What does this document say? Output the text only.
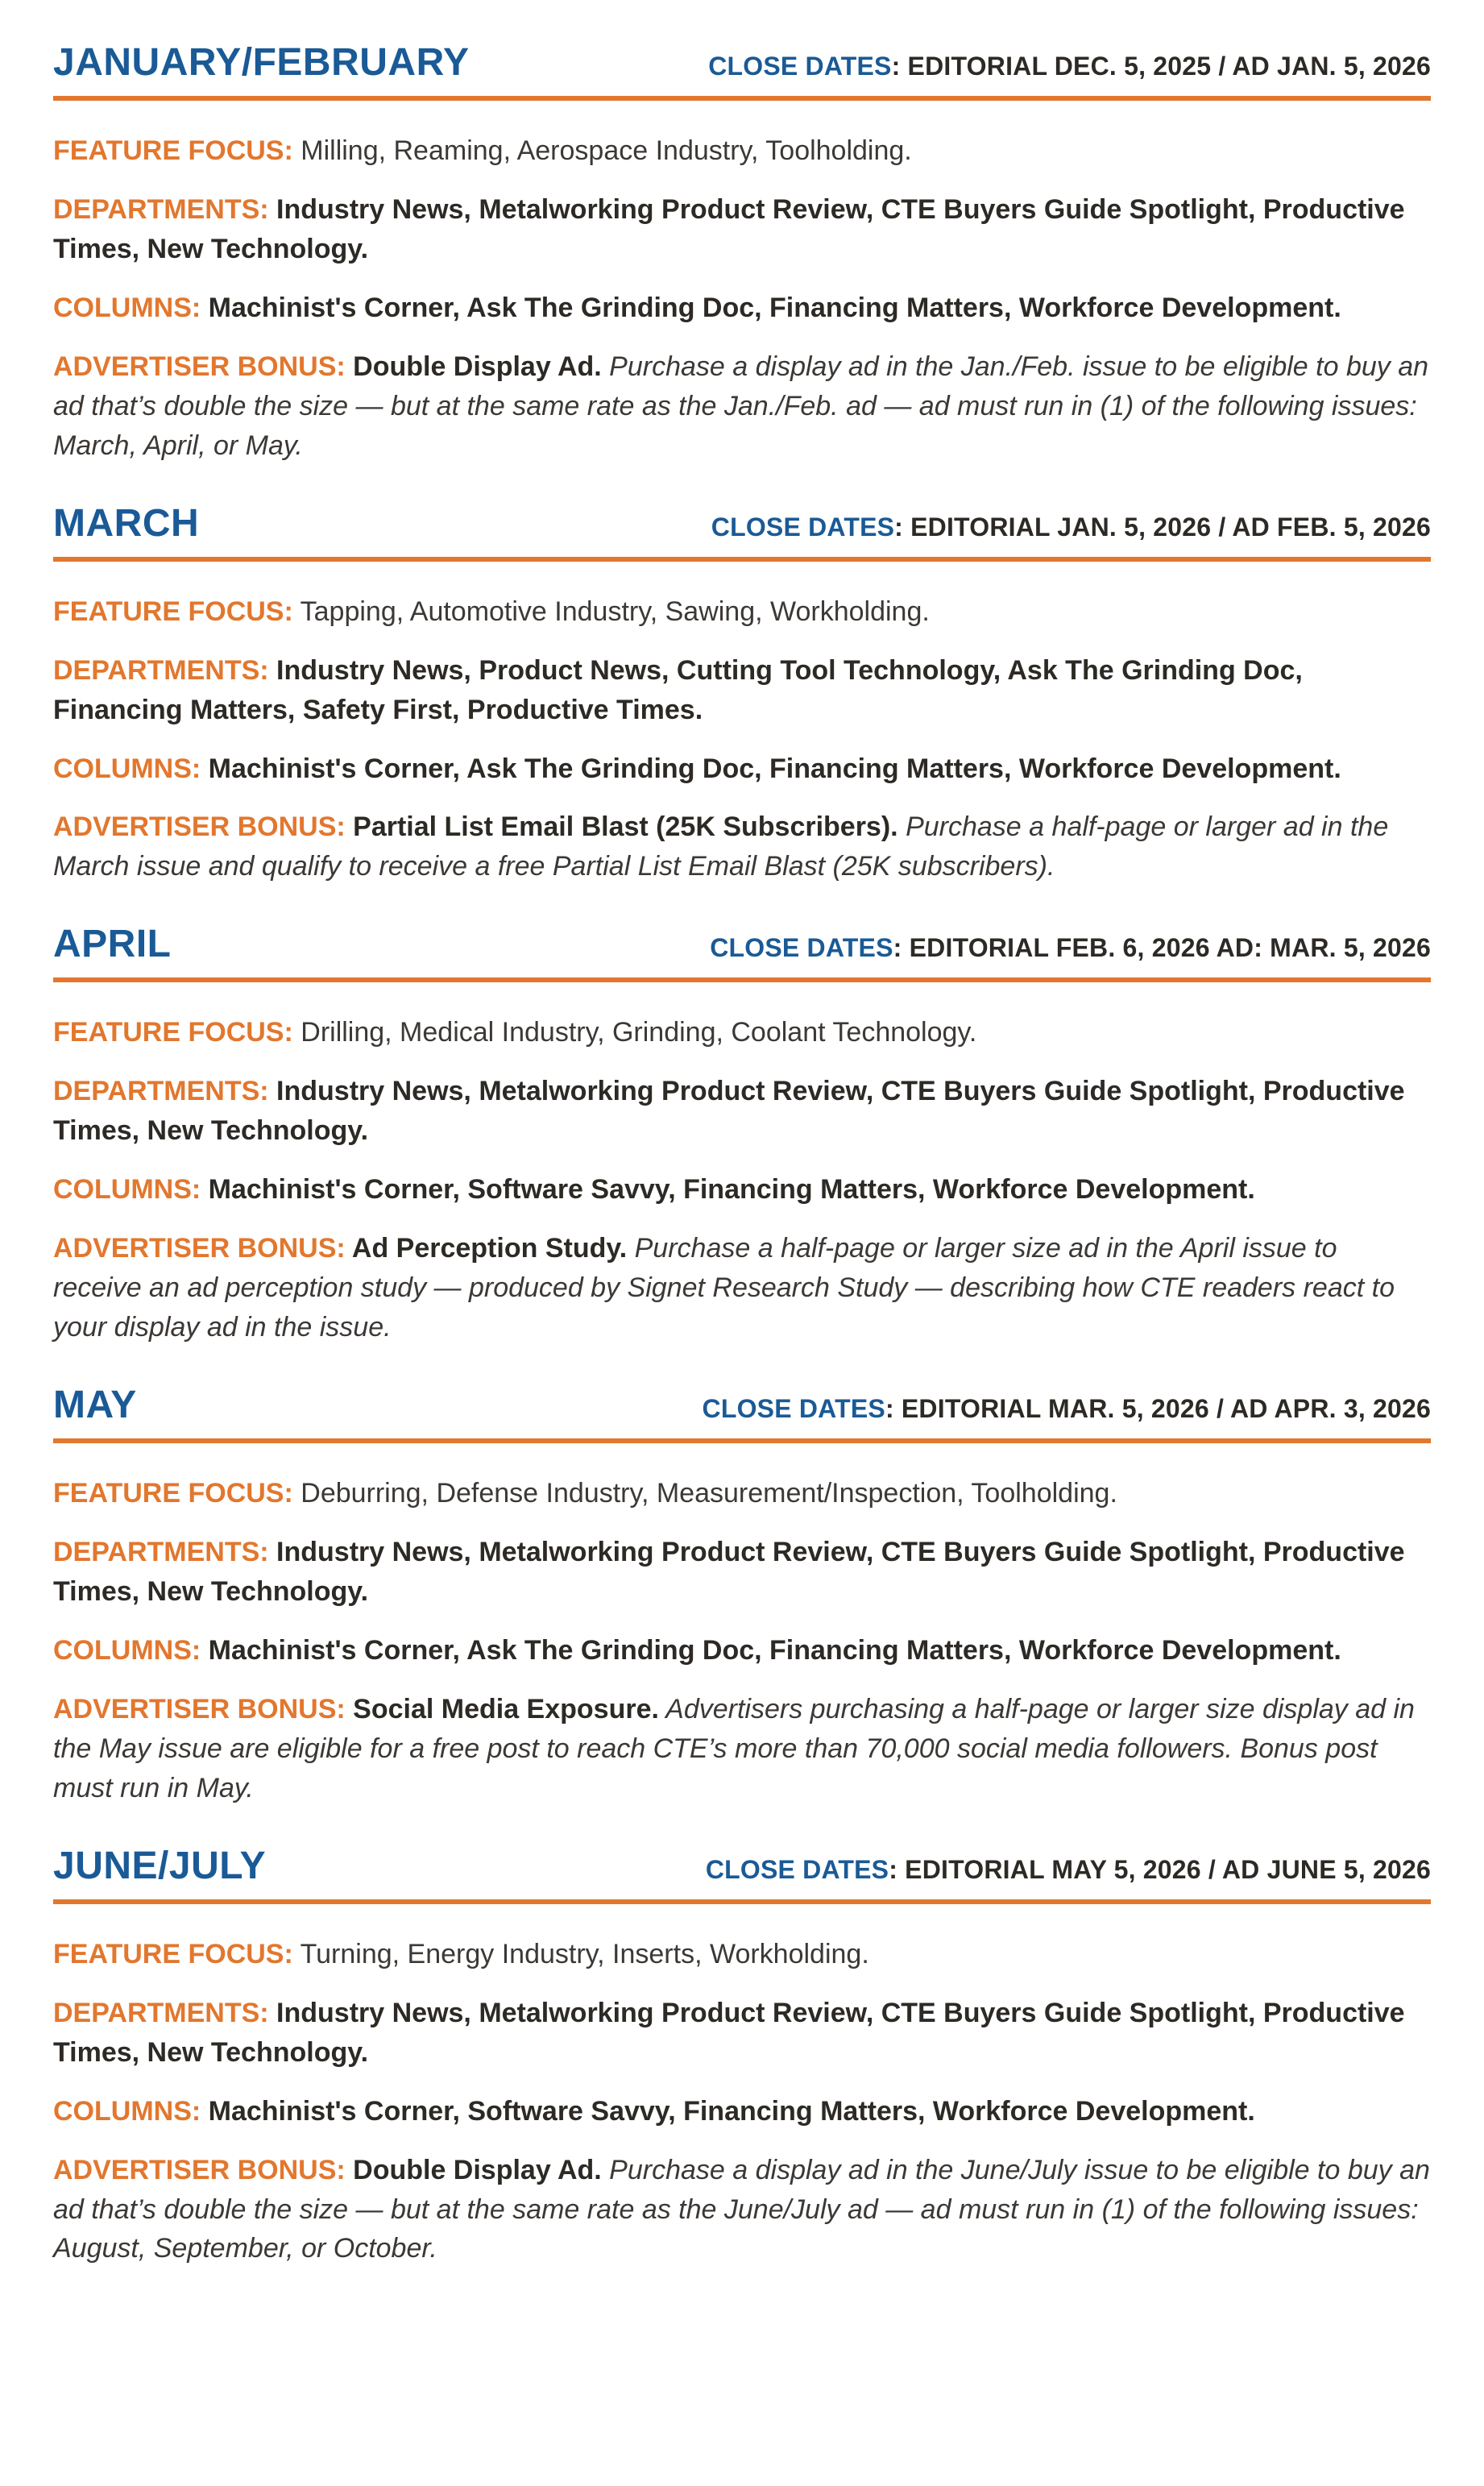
JANUARY/FEBRUARY	CLOSE DATES: EDITORIAL DEC. 5, 2025 / AD JAN. 5, 2026

FEATURE FOCUS: Milling, Reaming, Aerospace Industry, Toolholding.

DEPARTMENTS: Industry News, Metalworking Product Review, CTE Buyers Guide Spotlight, Productive Times, New Technology.

COLUMNS: Machinist's Corner, Ask The Grinding Doc, Financing Matters, Workforce Development.

ADVERTISER BONUS: Double Display Ad. Purchase a display ad in the Jan./Feb. issue to be eligible to buy an ad that’s double the size — but at the same rate as the Jan./Feb. ad — ad must run in (1) of the following issues: March, April, or May.

MARCH	CLOSE DATES: EDITORIAL JAN. 5, 2026 / AD FEB. 5, 2026

FEATURE FOCUS: Tapping, Automotive Industry, Sawing, Workholding.

DEPARTMENTS: Industry News, Product News, Cutting Tool Technology, Ask The Grinding Doc, Financing Matters, Safety First, Productive Times.

COLUMNS: Machinist's Corner, Ask The Grinding Doc, Financing Matters, Workforce Development.

ADVERTISER BONUS: Partial List Email Blast (25K Subscribers). Purchase a half-page or larger ad in the March issue and qualify to receive a free Partial List Email Blast (25K subscribers).

APRIL	CLOSE DATES: EDITORIAL FEB. 6, 2026 AD: MAR. 5, 2026

FEATURE FOCUS: Drilling, Medical Industry, Grinding, Coolant Technology.

DEPARTMENTS: Industry News, Metalworking Product Review, CTE Buyers Guide Spotlight, Productive Times, New Technology.

COLUMNS: Machinist's Corner, Software Savvy, Financing Matters, Workforce Development.

ADVERTISER BONUS: Ad Perception Study. Purchase a half-page or larger size ad in the April issue to receive an ad perception study — produced by Signet Research Study — describing how CTE readers react to your display ad in the issue.

MAY	CLOSE DATES: EDITORIAL MAR. 5, 2026 / AD APR. 3, 2026

FEATURE FOCUS: Deburring, Defense Industry, Measurement/Inspection, Toolholding.

DEPARTMENTS: Industry News, Metalworking Product Review, CTE Buyers Guide Spotlight, Productive Times, New Technology.

COLUMNS: Machinist's Corner, Ask The Grinding Doc, Financing Matters, Workforce Development.

ADVERTISER BONUS: Social Media Exposure. Advertisers purchasing a half-page or larger size display ad in the May issue are eligible for a free post to reach CTE’s more than 70,000 social media followers. Bonus post must run in May.

JUNE/JULY	CLOSE DATES: EDITORIAL MAY 5, 2026 / AD JUNE 5, 2026

FEATURE FOCUS: Turning, Energy Industry, Inserts, Workholding.

DEPARTMENTS: Industry News, Metalworking Product Review, CTE Buyers Guide Spotlight, Productive Times, New Technology.

COLUMNS: Machinist's Corner, Software Savvy, Financing Matters, Workforce Development.

ADVERTISER BONUS: Double Display Ad. Purchase a display ad in the June/July issue to be eligible to buy an ad that’s double the size — but at the same rate as the June/July ad — ad must run in (1) of the following issues: August, September, or October.
